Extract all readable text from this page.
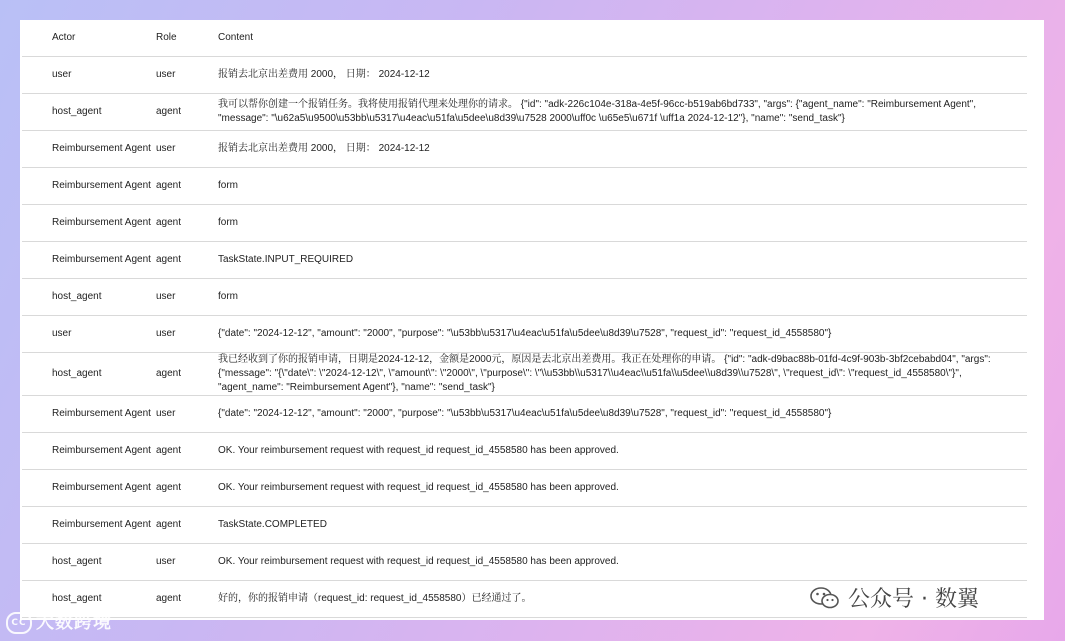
Actor	Role	Content
user	user	报销去北京出差费用 2000， 日期： 2024-12-12
host_agent	agent	我可以帮你创建一个报销任务。我将使用报销代理来处理你的请求。 {"id": "adk-226c104e-318a-4e5f-96cc-b519ab6bd733", "args": {"agent_name": "Reimbursement Agent", "message": "\u62a5\u9500\u53bb\u5317\u4eac\u51fa\u5dee\u8d39\u7528 2000\uff0c \u65e5\u671f \uff1a 2024-12-12"}, "name": "send_task"}
Reimbursement Agent	user	报销去北京出差费用 2000， 日期： 2024-12-12
Reimbursement Agent	agent	form
Reimbursement Agent	agent	form
Reimbursement Agent	agent	TaskState.INPUT_REQUIRED
host_agent	user	form
user	user	{"date": "2024-12-12", "amount": "2000", "purpose": "\u53bb\u5317\u4eac\u51fa\u5dee\u8d39\u7528", "request_id": "request_id_4558580"}
host_agent	agent	我已经收到了你的报销申请，日期是2024-12-12，金额是2000元，原因是去北京出差费用。我正在处理你的申请。 {"id": "adk-d9bac88b-01fd-4c9f-903b-3bf2cebabd04", "args": {"message": "{\"date\": \"2024-12-12\", \"amount\": \"2000\", \"purpose\": \"\\u53bb\\u5317\\u4eac\\u51fa\\u5dee\\u8d39\\u7528\", \"request_id\": \"request_id_4558580\"}", "agent_name": "Reimbursement Agent"}, "name": "send_task"}
Reimbursement Agent	user	{"date": "2024-12-12", "amount": "2000", "purpose": "\u53bb\u5317\u4eac\u51fa\u5dee\u8d39\u7528", "request_id": "request_id_4558580"}
Reimbursement Agent	agent	OK. Your reimbursement request with request_id request_id_4558580 has been approved.
Reimbursement Agent	agent	OK. Your reimbursement request with request_id request_id_4558580 has been approved.
Reimbursement Agent	agent	TaskState.COMPLETED
host_agent	user	OK. Your reimbursement request with request_id request_id_4558580 has been approved.
host_agent	agent	好的，你的报销申请（request_id: request_id_4558580）已经通过了。
CC 大数跨境
公众号 · 数翼
